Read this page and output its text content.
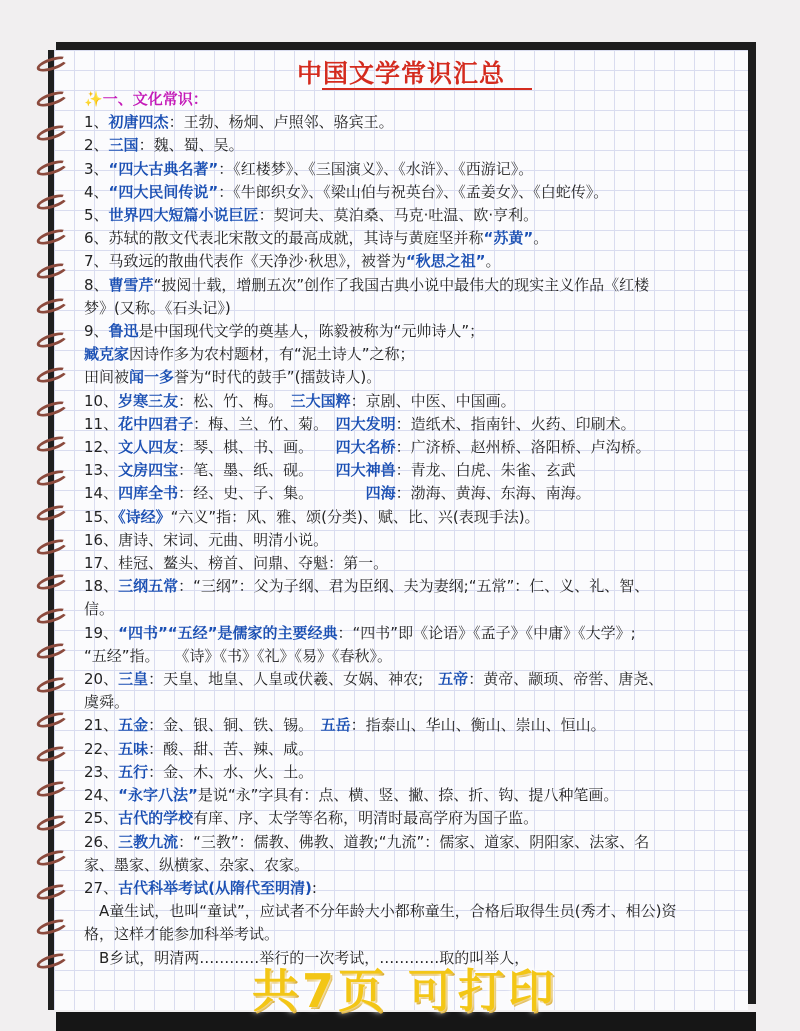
中国文学常识汇总
✨一、文化常识：
1、初唐四杰：王勃、杨炯、卢照邻、骆宾王。
2、三国：魏、蜀、吴。
3、“四大古典名著”：《红楼梦》、《三国演义》、《水浒》、《西游记》。
4、“四大民间传说”：《牛郎织女》、《梁山伯与祝英台》、《孟姜女》、《白蛇传》。
5、世界四大短篇小说巨匠：契诃夫、莫泊桑、马克·吐温、欧·亨利。
6、苏轼的散文代表北宋散文的最高成就，其诗与黄庭坚并称“苏黄”。
7、马致远的散曲代表作《天净沙·秋思》，被誉为“秋思之祖”。
8、曹雪芹“披阅十载，增删五次”创作了我国古典小说中最伟大的现实主义作品《红楼
梦》(又称。《石头记》)
9、鲁迅是中国现代文学的奠基人，陈毅被称为“元帅诗人”；
臧克家因诗作多为农村题材，有“泥土诗人”之称；
田间被闻一多誉为“时代的鼓手”(擂鼓诗人)。
10、岁寒三友：松、竹、梅。　三大国粹：京剧、中医、中国画。
11、花中四君子：梅、兰、竹、菊。　四大发明：造纸术、指南针、火药、印刷术。
12、文人四友：琴、棋、书、画。　　四大名桥：广济桥、赵州桥、洛阳桥、卢沟桥。
13、文房四宝：笔、墨、纸、砚。　　四大神兽：青龙、白虎、朱雀、玄武
14、四库全书：经、史、子、集。　　　　四海：渤海、黄海、东海、南海。
15、《诗经》“六义”指：风、雅、颂(分类)、赋、比、兴(表现手法)。
16、唐诗、宋词、元曲、明清小说。
17、桂冠、鳌头、榜首、问鼎、夺魁：第一。
18、三纲五常：“三纲”：父为子纲、君为臣纲、夫为妻纲;“五常”：仁、义、礼、智、
信。
19、“四书”“五经”是儒家的主要经典：“四书”即《论语》《孟子》《中庸》《大学》;
“五经”指。　　《诗》《书》《礼》《易》《春秋》。
20、三皇：天皇、地皇、人皇或伏羲、女娲、神农;　五帝：黄帝、颛顼、帝喾、唐尧、
虞舜。
21、五金：金、银、铜、铁、锡。　五岳：指泰山、华山、衡山、崇山、恒山。
22、五味：酸、甜、苦、辣、咸。
23、五行：金、木、水、火、土。
24、“永字八法”是说“永”字具有：点、横、竖、撇、捺、折、钩、提八种笔画。
25、古代的学校有庠、序、太学等名称，明清时最高学府为国子监。
26、三教九流：“三教”：儒教、佛教、道教;“九流”：儒家、道家、阴阳家、法家、名
家、墨家、纵横家、杂家、农家。
27、古代科举考试(从隋代至明清):
　A童生试，也叫“童试”，应试者不分年龄大小都称童生，合格后取得生员(秀才、相公)资
格，这样才能参加科举考试。
　B乡试，明清两…………举行的一次考试，…………取的叫举人，
共7页 可打印
